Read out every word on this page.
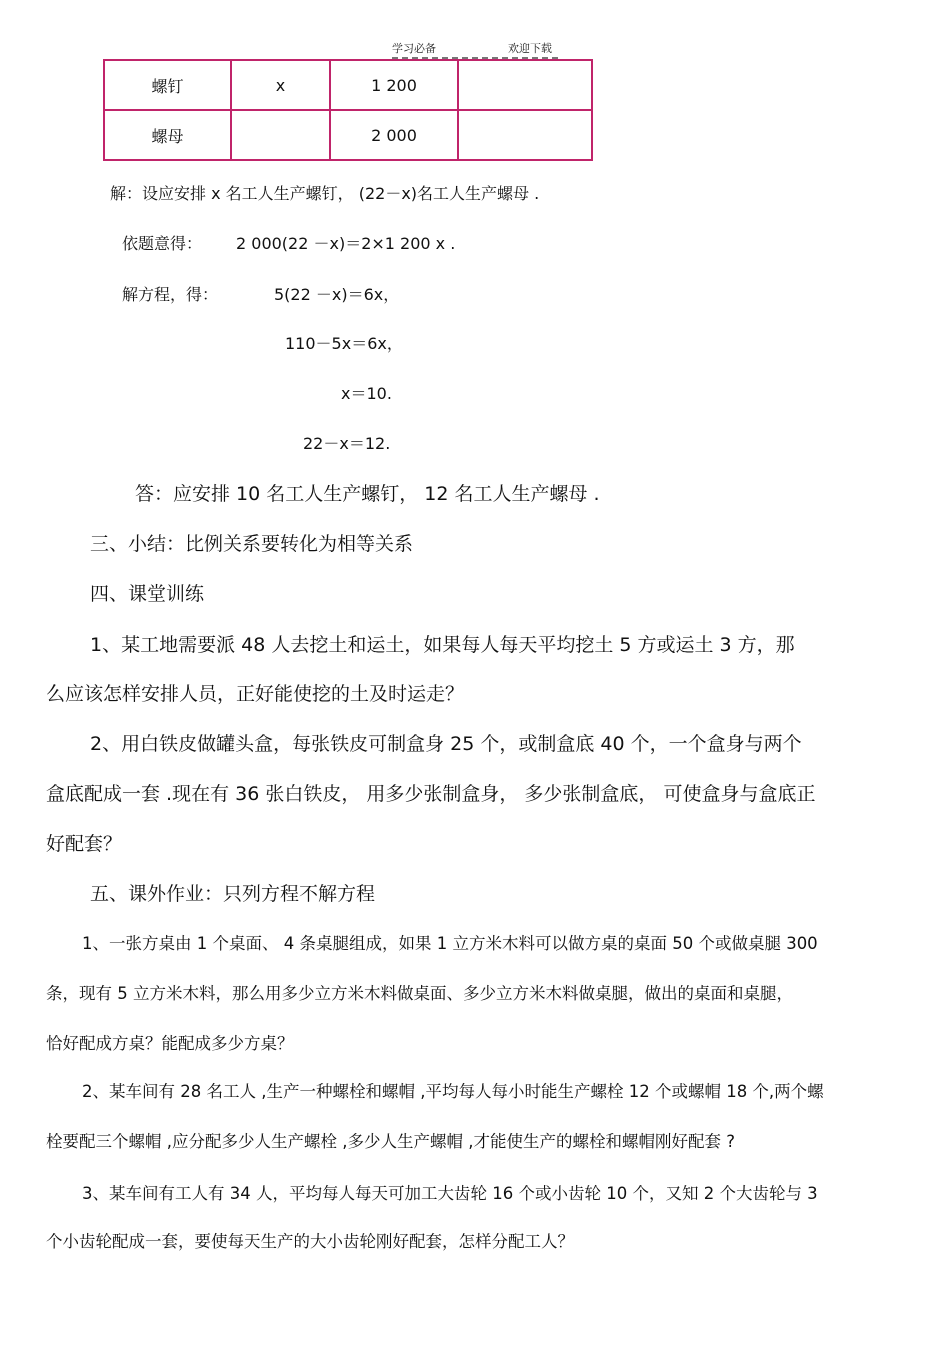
学习必备	欢迎下载
螺钉	x	1 200	
螺母		2 000	
解：设应安排 x 名工人生产螺钉， (22－x)名工人生产螺母 .
依题意得： 2 000(22 －x)＝2×1 200 x .
解方程，得：	5(22 －x)＝6x，
110－5x＝6x，
x＝10.
22－x＝12.
答：应安排 10 名工人生产螺钉， 12 名工人生产螺母 .
三、小结：比例关系要转化为相等关系
四、课堂训练
1、某工地需要派 48 人去挖土和运土，如果每人每天平均挖土 5 方或运土 3 方，那
么应该怎样安排人员，正好能使挖的土及时运走？
2、用白铁皮做罐头盒，每张铁皮可制盒身 25 个，或制盒底 40 个，一个盒身与两个
盒底配成一套 .现在有 36 张白铁皮， 用多少张制盒身， 多少张制盒底， 可使盒身与盒底正
好配套？
五、课外作业：只列方程不解方程
1、一张方桌由 1 个桌面、 4 条桌腿组成，如果 1 立方米木料可以做方桌的桌面 50 个或做桌腿 300
条，现有 5 立方米木料，那么用多少立方米木料做桌面、多少立方米木料做桌腿，做出的桌面和桌腿，
恰好配成方桌？能配成多少方桌？
2、某车间有 28 名工人 ,生产一种螺栓和螺帽 ,平均每人每小时能生产螺栓 12 个或螺帽 18 个,两个螺
栓要配三个螺帽 ,应分配多少人生产螺栓 ,多少人生产螺帽 ,才能使生产的螺栓和螺帽刚好配套 ?
3、某车间有工人有 34 人，平均每人每天可加工大齿轮 16 个或小齿轮 10 个，又知 2 个大齿轮与 3
个小齿轮配成一套，要使每天生产的大小齿轮刚好配套，怎样分配工人？
